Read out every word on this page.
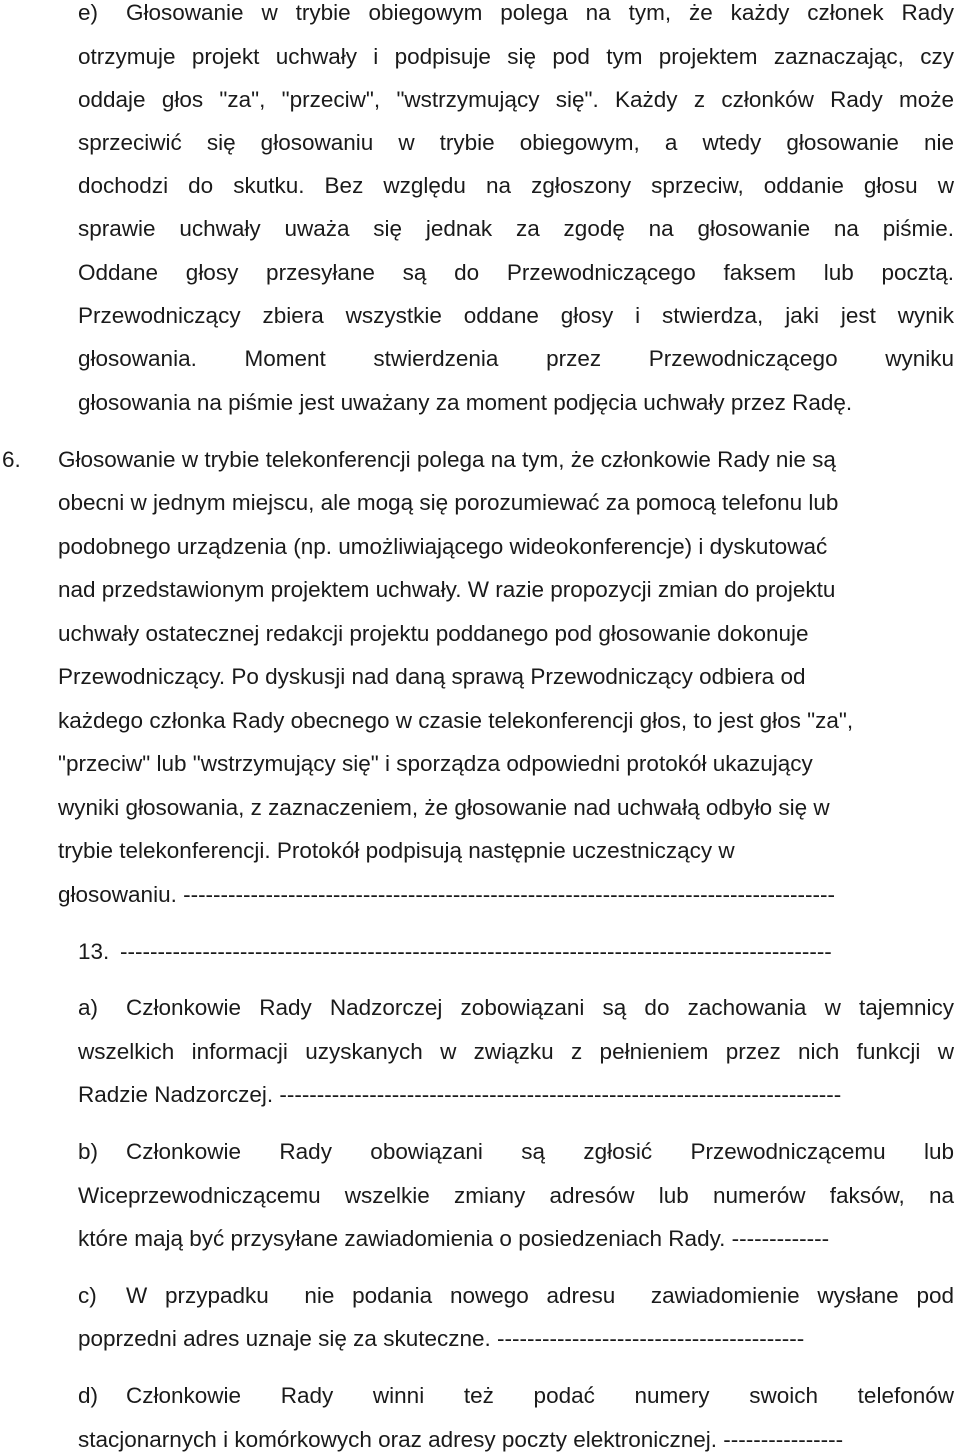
e) Głosowanie w trybie obiegowym polega na tym, że każdy członek Rady
otrzymuje projekt uchwały i podpisuje się pod tym projektem zaznaczając, czy
oddaje głos "za", "przeciw", "wstrzymujący się". Każdy z członków Rady może
sprzeciwić się głosowaniu w trybie obiegowym, a wtedy głosowanie nie
dochodzi do skutku. Bez względu na zgłoszony sprzeciw, oddanie głosu w
sprawie uchwały uważa się jednak za zgodę na głosowanie na piśmie.
Oddane głosy przesyłane są do Przewodniczącego faksem lub pocztą.
Przewodniczący zbiera wszystkie oddane głosy i stwierdza, jaki jest wynik
głosowania. Moment stwierdzenia przez Przewodniczącego wyniku
głosowania na piśmie jest uważany za moment podjęcia uchwały przez Radę.
6. Głosowanie w trybie telekonferencji polega na tym, że członkowie Rady nie są
obecni w jednym miejscu, ale mogą się porozumiewać za pomocą telefonu lub
podobnego urządzenia (np. umożliwiającego wideokonferencje) i dyskutować
nad przedstawionym projektem uchwały. W razie propozycji zmian do projektu
uchwały ostatecznej redakcji projektu poddanego pod głosowanie dokonuje
Przewodniczący. Po dyskusji nad daną sprawą Przewodniczący odbiera od
każdego członka Rady obecnego w czasie telekonferencji głos, to jest głos "za",
"przeciw" lub "wstrzymujący się" i sporządza odpowiedni protokół ukazujący
wyniki głosowania, z zaznaczeniem, że głosowanie nad uchwałą odbyło się w
trybie telekonferencji. Protokół podpisują następnie uczestniczący w
głosowaniu. ---------------------------------------------------------------------------------------
13. -----------------------------------------------------------------------------------------------
a) Członkowie Rady Nadzorczej zobowiązani są do zachowania w tajemnicy
wszelkich informacji uzyskanych w związku z pełnieniem przez nich funkcji w
Radzie Nadzorczej. ---------------------------------------------------------------------------
b) Członkowie Rady obowiązani są zgłosić Przewodniczącemu lub
Wiceprzewodniczącemu wszelkie zmiany adresów lub numerów faksów, na
które mają być przysyłane zawiadomienia o posiedzeniach Rady. -------------
c) W przypadku  nie podania nowego adresu  zawiadomienie wysłane pod
poprzedni adres uznaje się za skuteczne. -----------------------------------------
d) Członkowie Rady winni też podać numery swoich telefonów
stacjonarnych i komórkowych oraz adresy poczty elektronicznej. ----------------
